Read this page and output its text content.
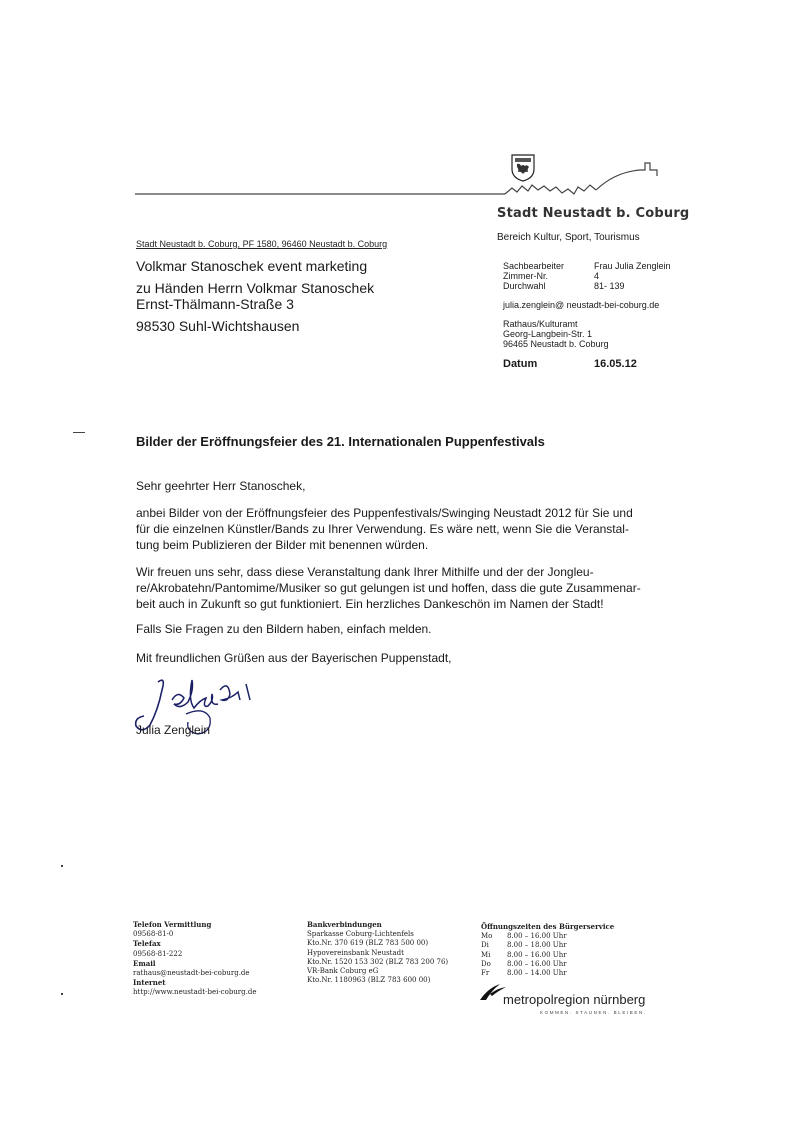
Stadt Neustadt b. Coburg
Bereich Kultur, Sport, Tourismus
Stadt Neustadt b. Coburg, PF 1580, 96460 Neustadt b. Coburg
Volkmar Stanoschek event marketing
zu Händen Herrn Volkmar Stanoschek
Ernst-Thälmann-Straße 3
98530 Suhl-Wichtshausen
Sachbearbeiter	Frau Julia Zenglein
Zimmer-Nr.	4
Durchwahl	81- 139
julia.zenglein@ neustadt-bei-coburg.de
Rathaus/Kulturamt
Georg-Langbein-Str. 1
96465 Neustadt b. Coburg
Datum	16.05.12
Bilder der Eröffnungsfeier des 21. Internationalen Puppenfestivals
Sehr geehrter Herr Stanoschek,
anbei Bilder von der Eröffnungsfeier des Puppenfestivals/Swinging Neustadt 2012 für Sie und
für die einzelnen Künstler/Bands zu Ihrer Verwendung. Es wäre nett, wenn Sie die Veranstal-
tung beim Publizieren der Bilder mit benennen würden.
Wir freuen uns sehr, dass diese Veranstaltung dank Ihrer Mithilfe und der der Jongleu-
re/Akrobatehn/Pantomime/Musiker so gut gelungen ist und hoffen, dass die gute Zusammenar-
beit auch in Zukunft so gut funktioniert. Ein herzliches Dankeschön im Namen der Stadt!
Falls Sie Fragen zu den Bildern haben, einfach melden.
Mit freundlichen Grüßen aus der Bayerischen Puppenstadt,
Julia Zenglein
Telefon Vermittlung
09568-81-0
Telefax
09568-81-222
Email
rathaus@neustadt-bei-coburg.de
Internet
http://www.neustadt-bei-coburg.de
Bankverbindungen
Sparkasse Coburg-Lichtenfels
Kto.Nr. 370 619 (BLZ 783 500 00)
Hypovereinsbank Neustadt
Kto.Nr. 1520 153 302 (BLZ 783 200 76)
VR-Bank Coburg eG
Kto.Nr. 1180963 (BLZ 783 600 00)
Öffnungszeiten des Bürgerservice
Mo	8.00 – 16.00 Uhr
Di	8.00 – 18.00 Uhr
Mi	8.00 – 16.00 Uhr
Do	8.00 – 16.00 Uhr
Fr	8.00 – 14.00 Uhr
metropolregion nürnberg
KOMMEN. STAUNEN. BLEIBEN.
